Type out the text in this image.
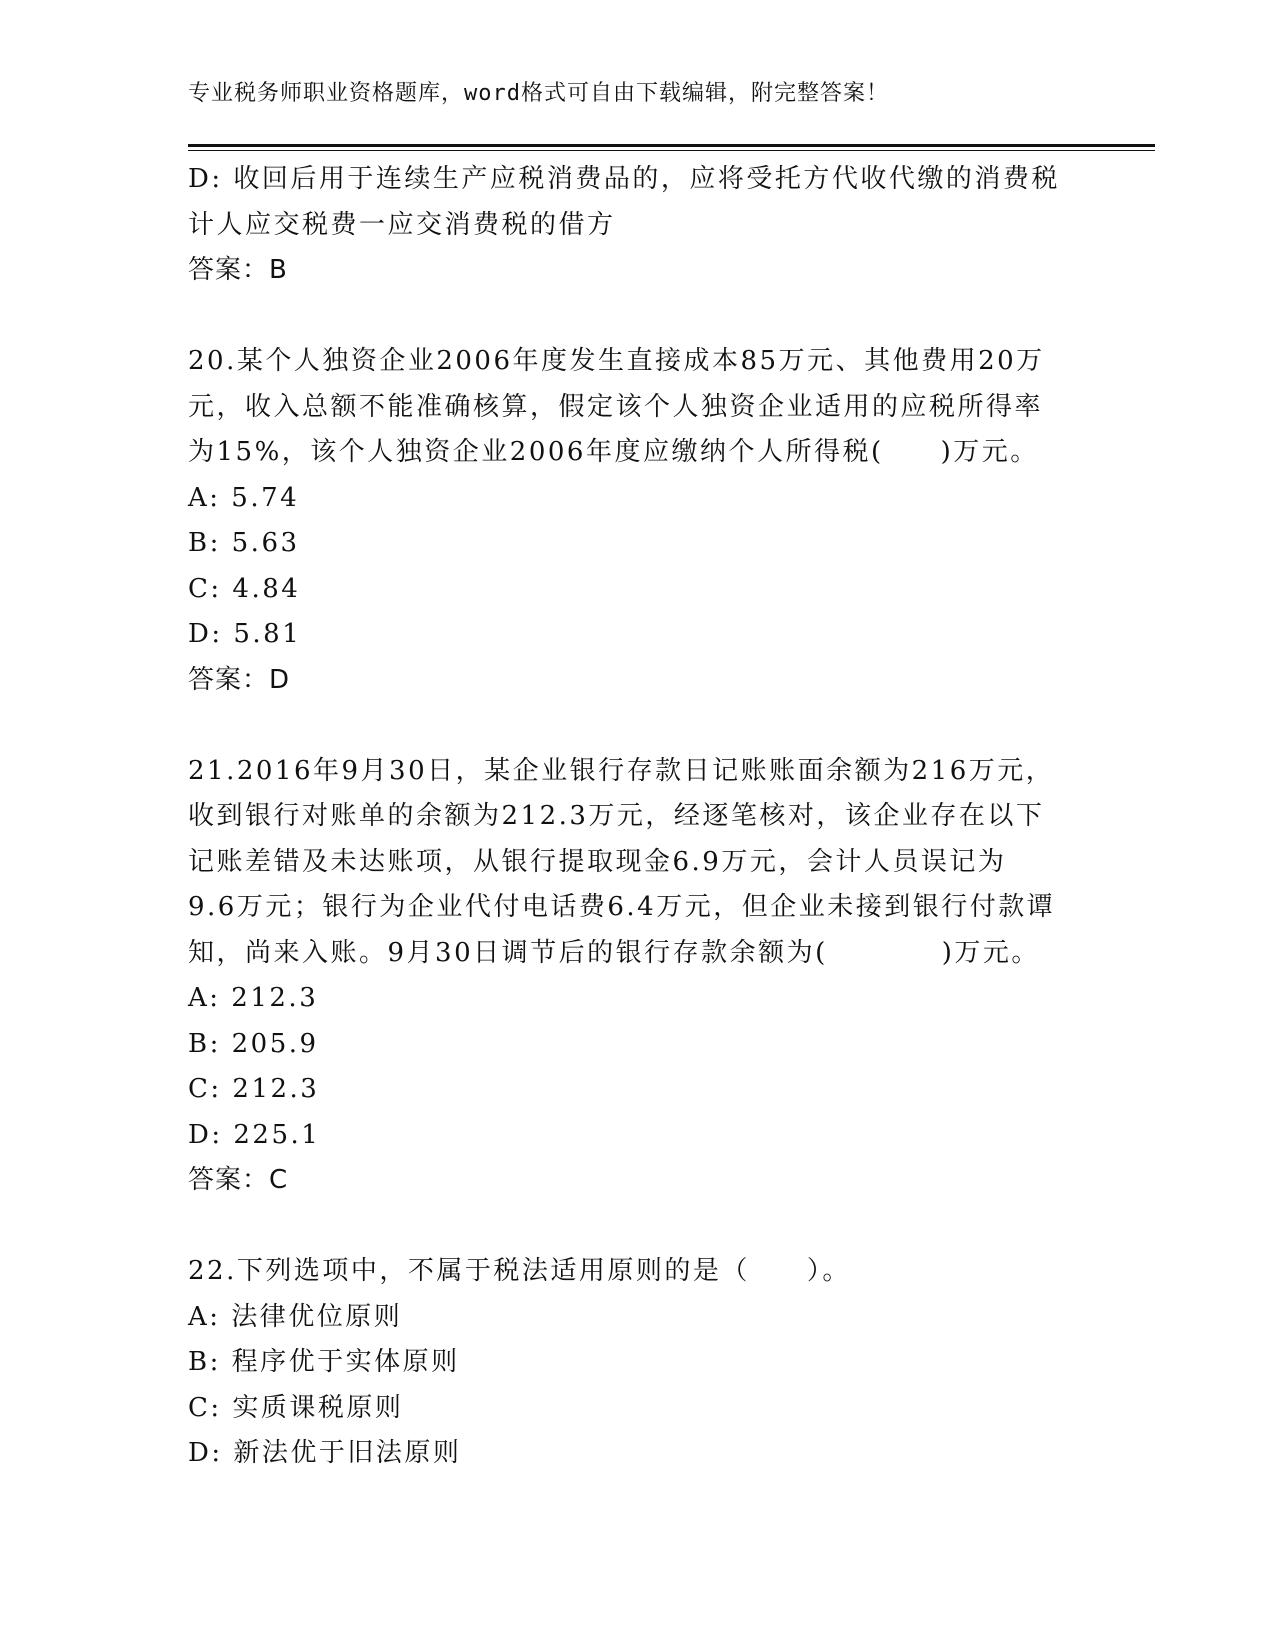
专业税务师职业资格题库，word格式可自由下载编辑，附完整答案！
D: 收回后用于连续生产应税消费品的，应将受托方代收代缴的消费税
计人应交税费一应交消费税的借方
答案：B
20.某个人独资企业2006年度发生直接成本85万元、其他费用20万
元，收入总额不能准确核算，假定该个人独资企业适用的应税所得率
为15%，该个人独资企业2006年度应缴纳个人所得税(　　)万元。
A: 5.74
B: 5.63
C: 4.84
D: 5.81
答案：D
21.2016年9月30日，某企业银行存款日记账账面余额为216万元，
收到银行对账单的余额为212.3万元，经逐笔核对，该企业存在以下
记账差错及未达账项，从银行提取现金6.9万元，会计人员误记为
9.6万元；银行为企业代付电话费6.4万元，但企业未接到银行付款谭
知，尚来入账。9月30日调节后的银行存款余额为(　　　　)万元。
A: 212.3
B: 205.9
C: 212.3
D: 225.1
答案：C
22.下列选项中，不属于税法适用原则的是（　　）。
A: 法律优位原则
B: 程序优于实体原则
C: 实质课税原则
D: 新法优于旧法原则
